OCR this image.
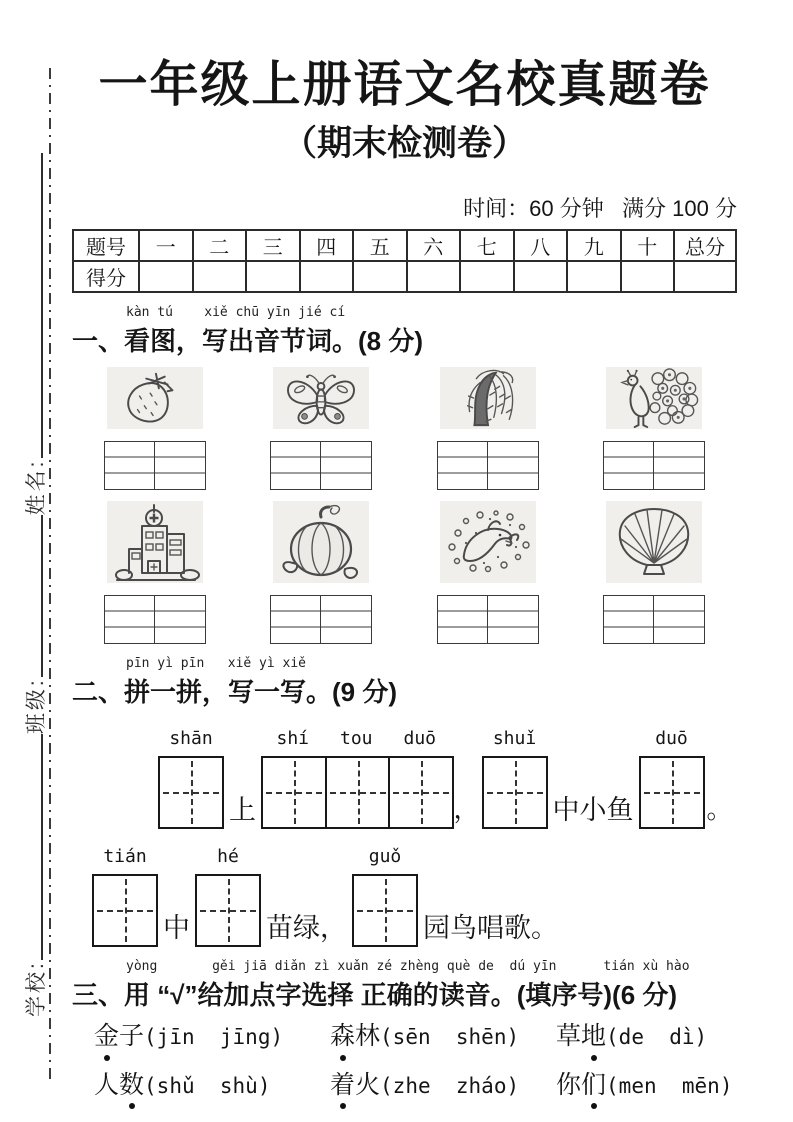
学校:
班级:
姓名:
一年级上册语文名校真题卷
（期末检测卷）
时间：60 分钟   满分 100 分
题号	一	二	三	四	五	六	七	八	九	十	总分
得分											
kàn tú    xiě chū yīn jié cí
一、看图，写出音节词。(8 分)
pīn yì pīn   xiě yì xiě
二、拼一拼，写一写。(9 分)
shān
上
shí tou duō
，
shuǐ
中小鱼
duō
。
tián
中
hé
苗绿，
guǒ
园鸟唱歌。
yòng       gěi jiā diǎn zì xuǎn zé zhèng què de  dú yīn      tián xù hào
三、用 “√”给加点字选择 正确的读音。(填序号)(6 分)
金 子 (jīn  jīng) 森 林 (sēn  shēn) 草 地 (de  dì)
人 数 (shǔ  shù) 着 火 (zhe  zháo) 你 们 (men  mēn)
